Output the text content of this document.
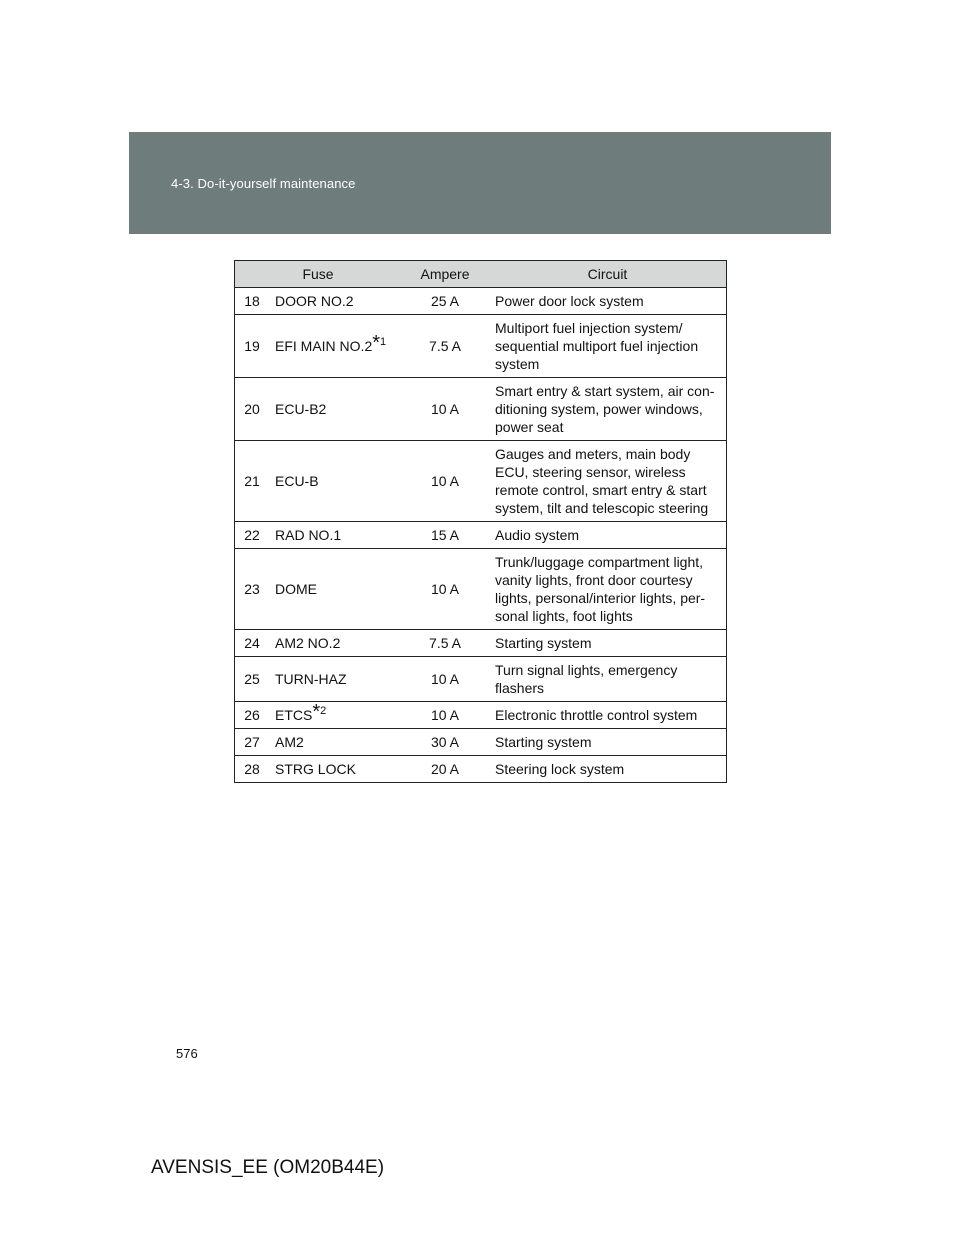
4-3. Do-it-yourself maintenance
Fuse		Ampere	Circuit
18	DOOR NO.2	25 A	Power door lock system
19	EFI MAIN NO.2$^{*1}$	7.5 A	Multiport fuel injection system/ sequential multiport fuel injection system
20	ECU-B2	10 A	Smart entry & start system, air con-ditioning system, power windows, power seat
21	ECU-B	10 A	Gauges and meters, main body ECU, steering sensor, wireless remote control, smart entry & start system, tilt and telescopic steering
22	RAD NO.1	15 A	Audio system
23	DOME	10 A	Trunk/luggage compartment light, vanity lights, front door courtesy lights, personal/interior lights, per-sonal lights, foot lights
24	AM2 NO.2	7.5 A	Starting system
25	TURN-HAZ	10 A	Turn signal lights, emergency flashers
26	ETCS$^{*2}$	10 A	Electronic throttle control system
27	AM2	30 A	Starting system
28	STRG LOCK	20 A	Steering lock system
576
AVENSIS_EE (OM20B44E)
